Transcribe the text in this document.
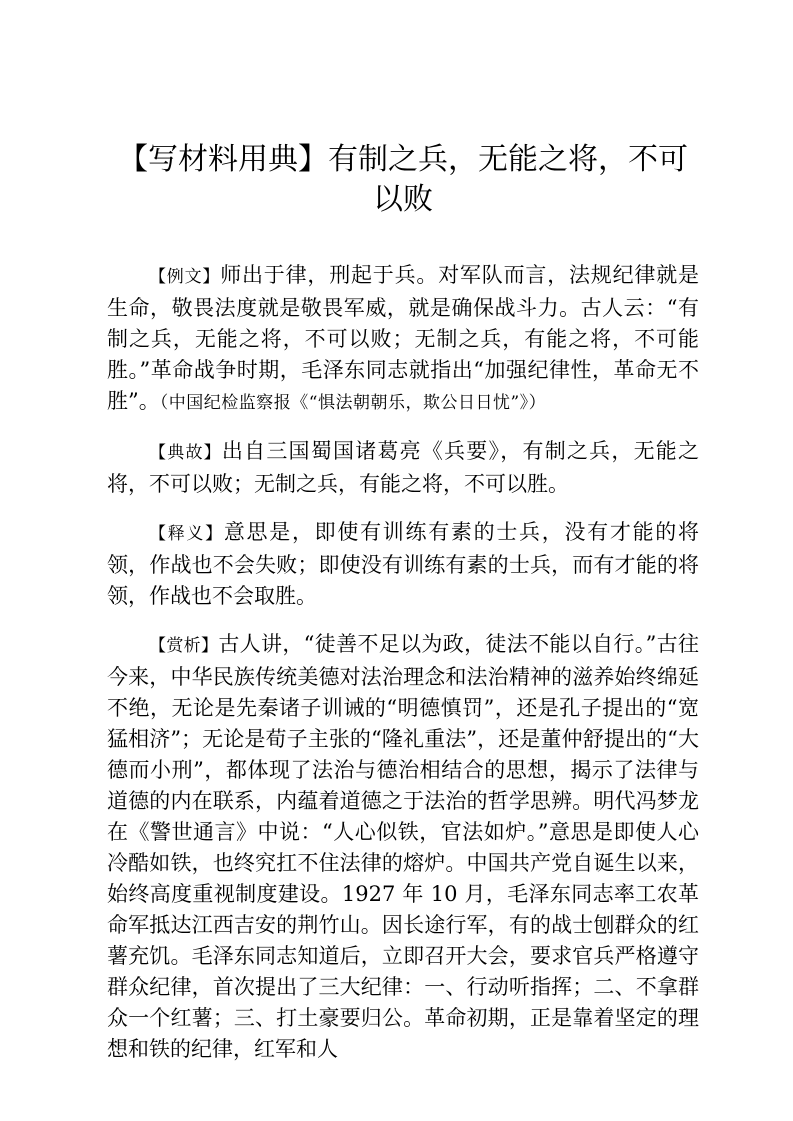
【写材料用典】有制之兵，无能之将，不可以败

【例文】师出于律，刑起于兵。对军队而言，法规纪律就是生命，敬畏法度就是敬畏军威，就是确保战斗力。古人云：“有制之兵，无能之将，不可以败；无制之兵，有能之将，不可能胜。”革命战争时期，毛泽东同志就指出“加强纪律性，革命无不胜”。（中国纪检监察报《“惧法朝朝乐，欺公日日忧”》）

【典故】出自三国蜀国诸葛亮《兵要》，有制之兵，无能之将，不可以败；无制之兵，有能之将，不可以胜。

【释义】意思是，即使有训练有素的士兵，没有才能的将领，作战也不会失败；即使没有训练有素的士兵，而有才能的将领，作战也不会取胜。

【赏析】古人讲，“徒善不足以为政，徒法不能以自行。”古往今来，中华民族传统美德对法治理念和法治精神的滋养始终绵延不绝，无论是先秦诸子训诫的“明德慎罚”，还是孔子提出的“宽猛相济”；无论是荀子主张的“隆礼重法”，还是董仲舒提出的“大德而小刑”，都体现了法治与德治相结合的思想，揭示了法律与道德的内在联系，内蕴着道德之于法治的哲学思辨。明代冯梦龙在《警世通言》中说：“人心似铁，官法如炉。”意思是即使人心冷酷如铁，也终究扛不住法律的熔炉。中国共产党自诞生以来，始终高度重视制度建设。1927 年 10 月，毛泽东同志率工农革命军抵达江西吉安的荆竹山。因长途行军，有的战士刨群众的红薯充饥。毛泽东同志知道后，立即召开大会，要求官兵严格遵守群众纪律，首次提出了三大纪律：一、行动听指挥；二、不拿群众一个红薯；三、打土豪要归公。革命初期，正是靠着坚定的理想和铁的纪律，红军和人
